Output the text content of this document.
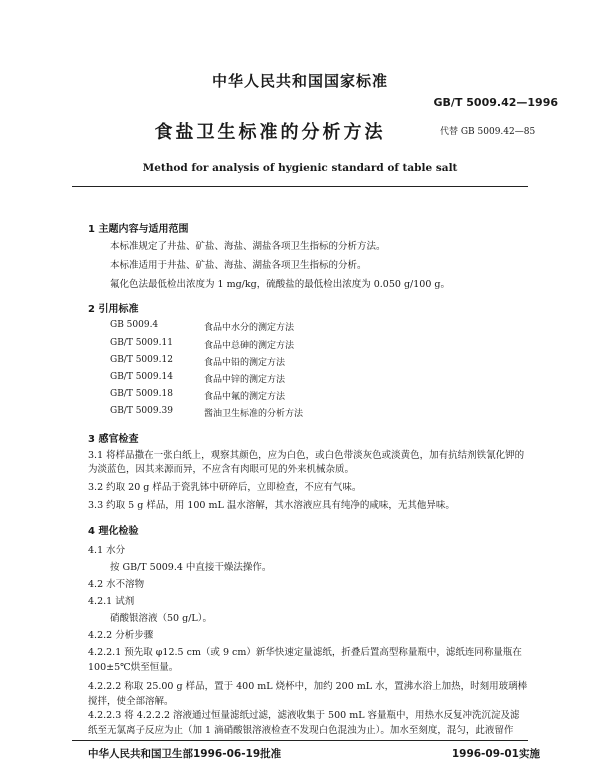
中华人民共和国国家标准
GB/T 5009.42—1996
食盐卫生标准的分析方法	代替 GB 5009.42—85
Method for analysis of hygienic standard of table salt
1 主题内容与适用范围
本标准规定了井盐、矿盐、海盐、湖盐各项卫生指标的分析方法。
本标准适用于井盐、矿盐、海盐、湖盐各项卫生指标的分析。
氟化色法最低检出浓度为 1 mg/kg，硫酸盐的最低检出浓度为 0.050 g/100 g。
2 引用标准
GB 5009.4	食品中水分的测定方法
GB/T 5009.11	食品中总砷的测定方法
GB/T 5009.12	食品中铅的测定方法
GB/T 5009.14	食品中锌的测定方法
GB/T 5009.18	食品中氟的测定方法
GB/T 5009.39	酱油卫生标准的分析方法
3 感官检查
3.1 将样品撒在一张白纸上，观察其颜色，应为白色，或白色带淡灰色或淡黄色，加有抗结剂铁氰化钾的为淡蓝色，因其来源而异，不应含有肉眼可见的外来机械杂质。
3.2 约取 20 g 样品于瓷乳钵中研碎后，立即检查，不应有气味。
3.3 约取 5 g 样品，用 100 mL 温水溶解，其水溶液应具有纯净的咸味，无其他异味。
4 理化检验
4.1 水分
按 GB/T 5009.4 中直接干燥法操作。
4.2 水不溶物
4.2.1 试剂
硝酸银溶液（50 g/L）。
4.2.2 分析步骤
4.2.2.1 预先取 φ12.5 cm（或 9 cm）新华快速定量滤纸，折叠后置高型称量瓶中，滤纸连同称量瓶在 100±5℃烘至恒量。
4.2.2.2 称取 25.00 g 样品，置于 400 mL 烧杯中，加约 200 mL 水，置沸水浴上加热，时刻用玻璃棒搅拌，使全部溶解。
4.2.2.3 将 4.2.2.2 溶液通过恒量滤纸过滤，滤液收集于 500 mL 容量瓶中，用热水反复冲洗沉淀及滤纸至无氯离子反应为止（加 1 滴硝酸银溶液检查不发现白色混浊为止）。加水至刻度，混匀，此液留作
中华人民共和国卫生部1996-06-19批准	1996-09-01实施
